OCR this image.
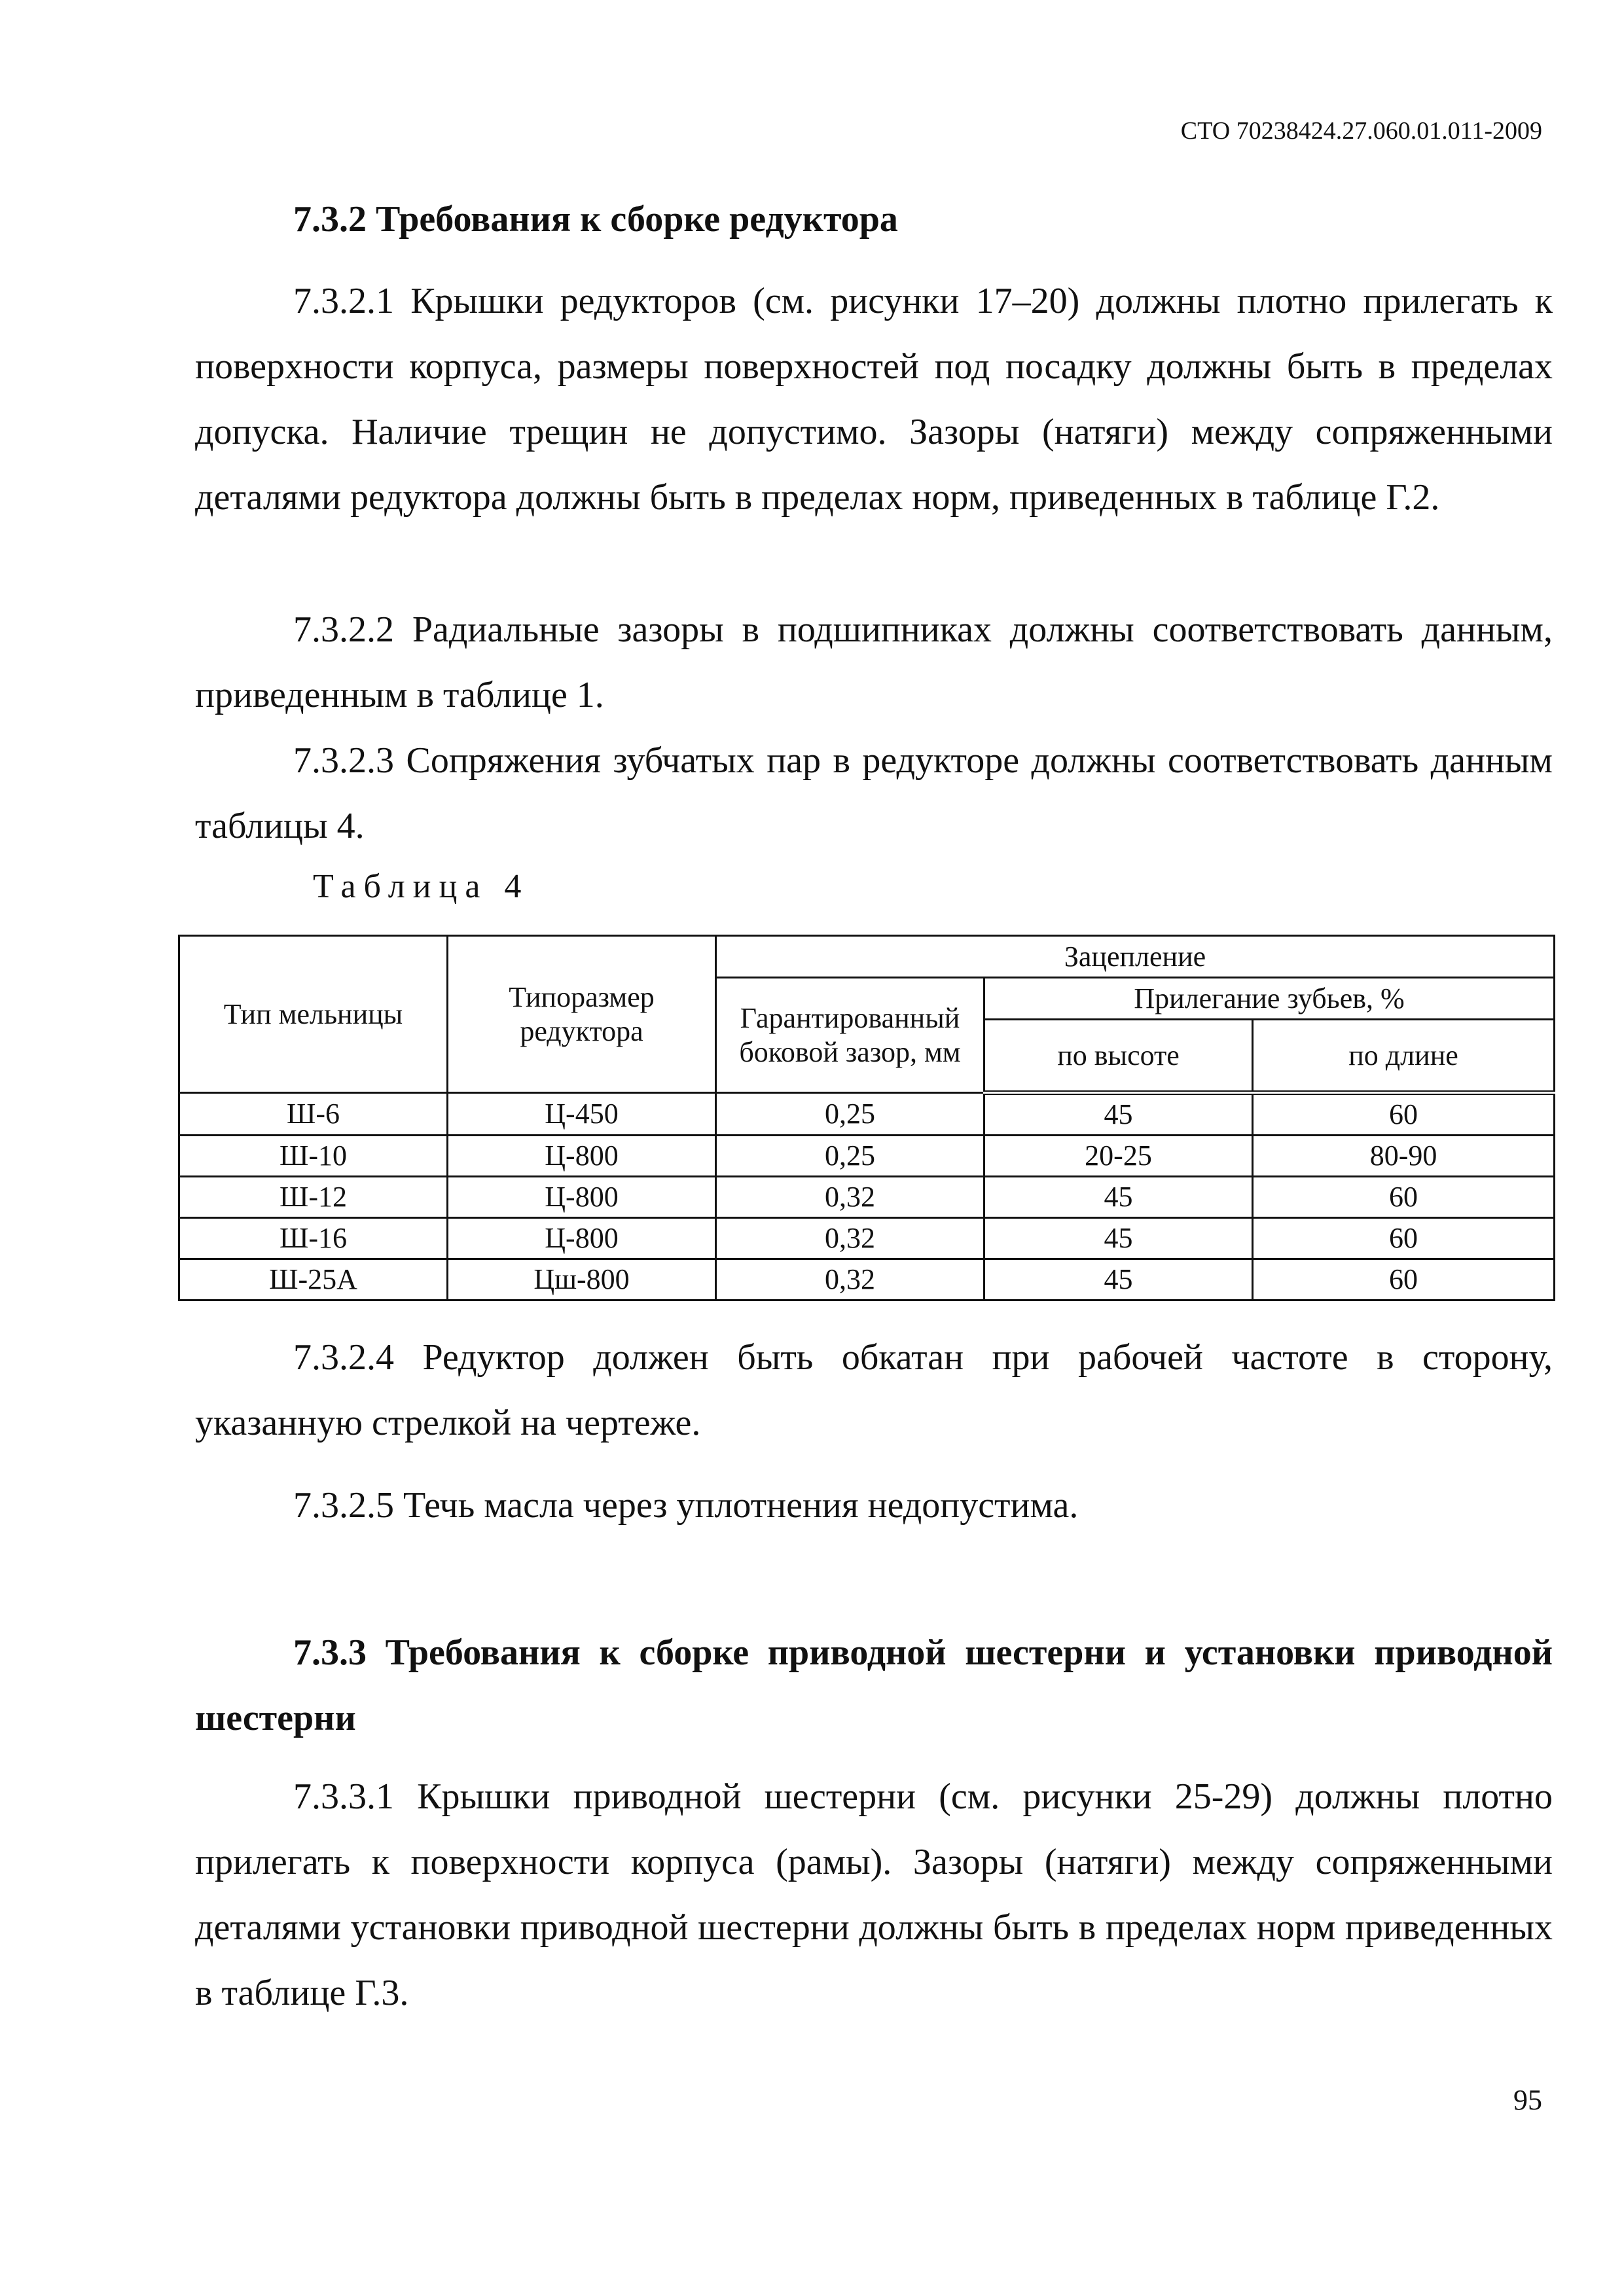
СТО 70238424.27.060.01.011-2009
7.3.2 Требования к сборке редуктора
7.3.2.1 Крышки редукторов (см. рисунки 17–20) должны плотно прилегать к поверхности корпуса, размеры поверхностей под посадку должны быть в пределах допуска. Наличие трещин не допустимо. Зазоры (натяги) между сопряженными деталями редуктора должны быть в пределах норм, приведенных в таблице Г.2.
7.3.2.2 Радиальные зазоры в подшипниках должны соответствовать данным, приведенным в таблице 1.
7.3.2.3 Сопряжения зубчатых пар в редукторе должны соответствовать данным таблицы 4.
Таблица 4
Тип мельницы	Типоразмер редуктора	Зацепление		
		Гарантированный боковой зазор, мм	Прилегание зубьев, %	
			по высоте	по длине
Ш-6	Ц-450	0,25	45	60
Ш-10	Ц-800	0,25	20-25	80-90
Ш-12	Ц-800	0,32	45	60
Ш-16	Ц-800	0,32	45	60
Ш-25А	Цш-800	0,32	45	60
7.3.2.4 Редуктор должен быть обкатан при рабочей частоте в сторону, указанную стрелкой на чертеже.
7.3.2.5 Течь масла через уплотнения недопустима.
7.3.3 Требования к сборке приводной шестерни и установки приводной шестерни
7.3.3.1 Крышки приводной шестерни (см. рисунки 25-29) должны плотно прилегать к поверхности корпуса (рамы). Зазоры (натяги) между сопряженными деталями установки приводной шестерни должны быть в пределах норм приведенных в таблице Г.3.
95
